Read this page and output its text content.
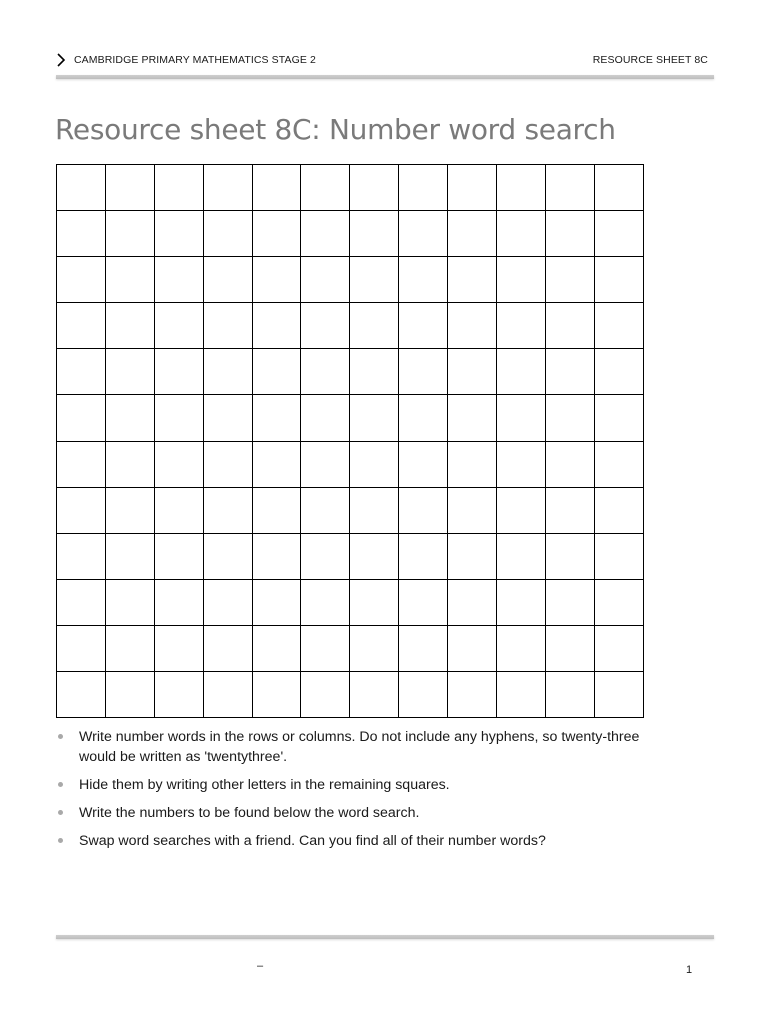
CAMBRIDGE PRIMARY MATHEMATICS STAGE 2	RESOURCE SHEET 8C
Resource sheet 8C: Number word search

Write number words in the rows or columns. Do not include any hyphens, so twenty-three would be written as 'twentythree'.
Hide them by writing other letters in the remaining squares.
Write the numbers to be found below the word search.
Swap word searches with a friend. Can you find all of their number words?
–	1
